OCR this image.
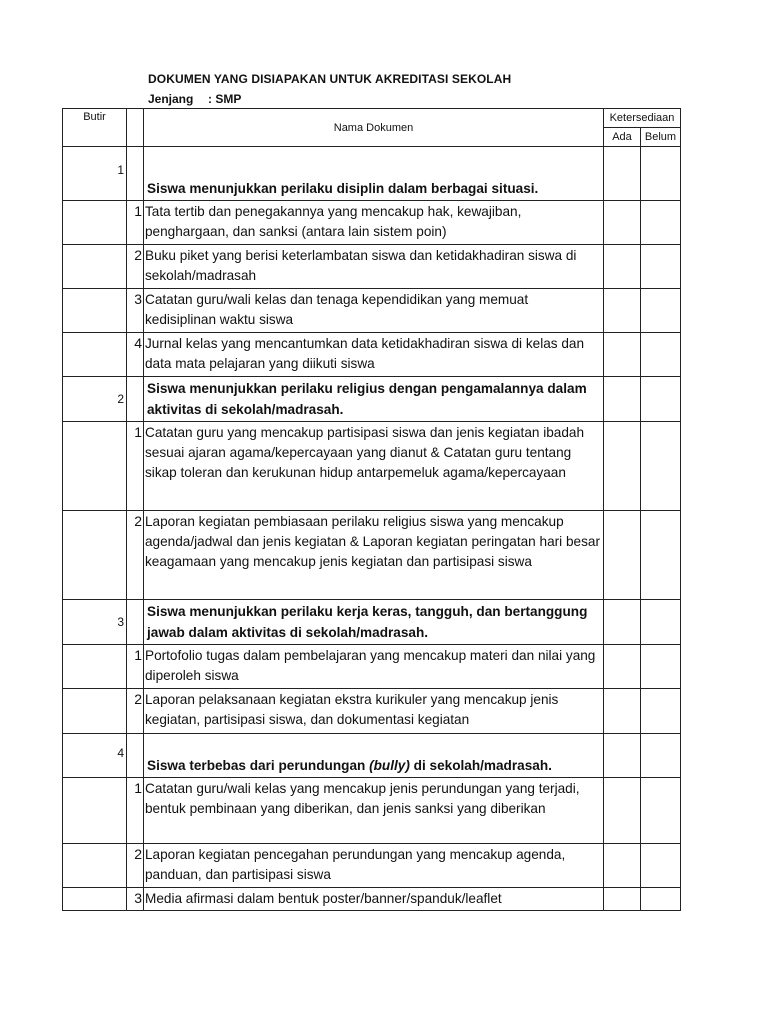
DOKUMEN YANG DISIAPAKAN UNTUK AKREDITASI SEKOLAH
Jenjang : SMP
Butir		Nama Dokumen	Ketersediaan	
			Ada	Belum
1		Siswa menunjukkan perilaku disiplin dalam berbagai situasi.		
	1	Tata tertib dan penegakannya yang mencakup hak, kewajiban, penghargaan, dan sanksi (antara lain sistem poin)		
	2	Buku piket yang berisi keterlambatan siswa dan ketidakhadiran siswa di sekolah/madrasah		
	3	Catatan guru/wali kelas dan tenaga kependidikan yang memuat kedisiplinan waktu siswa		
	4	Jurnal kelas yang mencantumkan data ketidakhadiran siswa di kelas dan data mata pelajaran yang diikuti siswa		
2		Siswa menunjukkan perilaku religius dengan pengamalannya dalam aktivitas di sekolah/madrasah.		
	1	Catatan guru yang mencakup partisipasi siswa dan jenis kegiatan ibadah sesuai ajaran agama/kepercayaan yang dianut & Catatan guru tentang sikap toleran dan kerukunan hidup antarpemeluk agama/kepercayaan		
	2	Laporan kegiatan pembiasaan perilaku religius siswa yang mencakup agenda/jadwal dan jenis kegiatan & Laporan kegiatan peringatan hari besar keagamaan yang mencakup jenis kegiatan dan partisipasi siswa		
3		Siswa menunjukkan perilaku kerja keras, tangguh, dan bertanggung jawab dalam aktivitas di sekolah/madrasah.		
	1	Portofolio tugas dalam pembelajaran yang mencakup materi dan nilai yang diperoleh siswa		
	2	Laporan pelaksanaan kegiatan ekstra kurikuler yang mencakup jenis kegiatan, partisipasi siswa, dan dokumentasi kegiatan		
4		Siswa terbebas dari perundungan (bully) di sekolah/madrasah.		
	1	Catatan guru/wali kelas yang mencakup jenis perundungan yang terjadi, bentuk pembinaan yang diberikan, dan jenis sanksi yang diberikan		
	2	Laporan kegiatan pencegahan perundungan yang mencakup agenda, panduan, dan partisipasi siswa		
	3	Media afirmasi dalam bentuk poster/banner/spanduk/leaflet		
